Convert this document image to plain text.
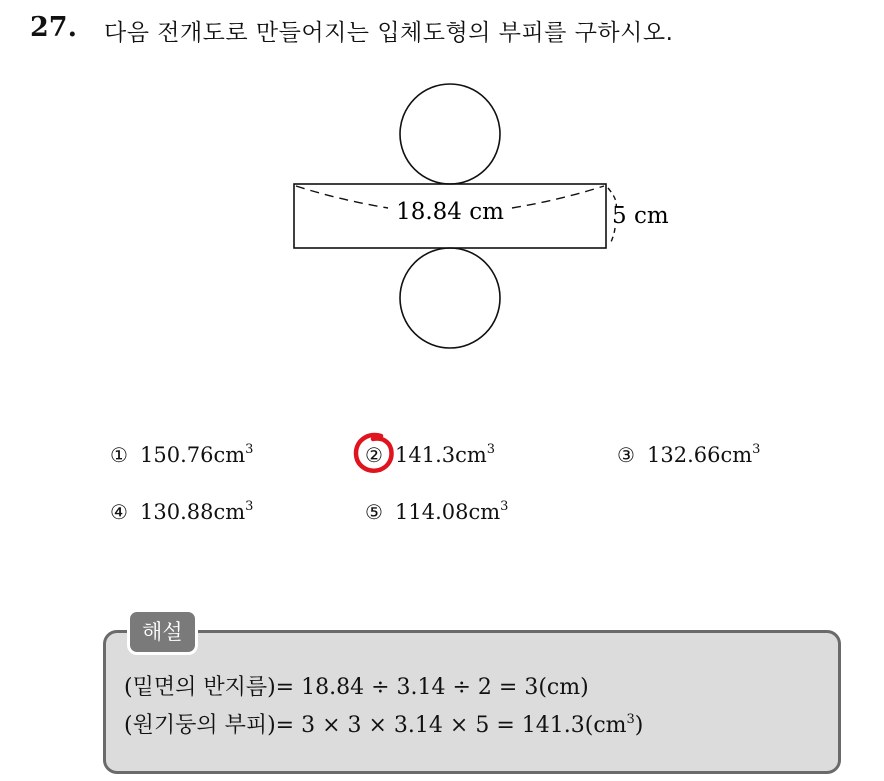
27. 다음 전개도로 만들어지는 입체도형의 부피를 구하시오.
18.84 cm	5 cm
① $150.76cm^3$	② $141.3cm^3$	③ $132.66cm^3$
④ $130.88cm^3$	⑤ $114.08cm^3$
해설
(밑면의 반지름)= 18.84 ÷ 3.14 ÷ 2 = 3(cm)
(원기둥의 부피)= $3 \times 3 \times 3.14 \times 5 = 141.3(cm^3)$
